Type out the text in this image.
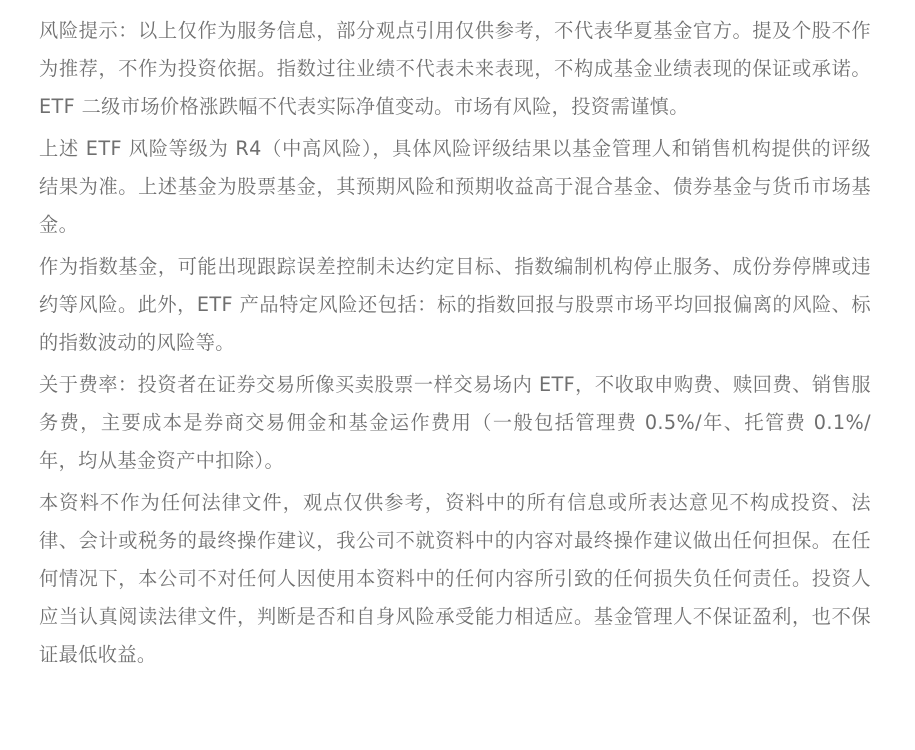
风险提示：以上仅作为服务信息，部分观点引用仅供参考，不代表华夏基金官方。提及个股不作为推荐，不作为投资依据。指数过往业绩不代表未来表现，不构成基金业绩表现的保证或承诺。ETF 二级市场价格涨跌幅不代表实际净值变动。市场有风险，投资需谨慎。

上述 ETF 风险等级为 R4（中高风险），具体风险评级结果以基金管理人和销售机构提供的评级结果为准。上述基金为股票基金，其预期风险和预期收益高于混合基金、债券基金与货币市场基金。

作为指数基金，可能出现跟踪误差控制未达约定目标、指数编制机构停止服务、成份券停牌或违约等风险。此外，ETF 产品特定风险还包括：标的指数回报与股票市场平均回报偏离的风险、标的指数波动的风险等。

关于费率：投资者在证券交易所像买卖股票一样交易场内 ETF，不收取申购费、赎回费、销售服务费，主要成本是券商交易佣金和基金运作费用（一般包括管理费 0.5%/年、托管费 0.1%/年，均从基金资产中扣除）。

本资料不作为任何法律文件，观点仅供参考，资料中的所有信息或所表达意见不构成投资、法律、会计或税务的最终操作建议，我公司不就资料中的内容对最终操作建议做出任何担保。在任何情况下，本公司不对任何人因使用本资料中的任何内容所引致的任何损失负任何责任。投资人应当认真阅读法律文件，判断是否和自身风险承受能力相适应。基金管理人不保证盈利，也不保证最低收益。
